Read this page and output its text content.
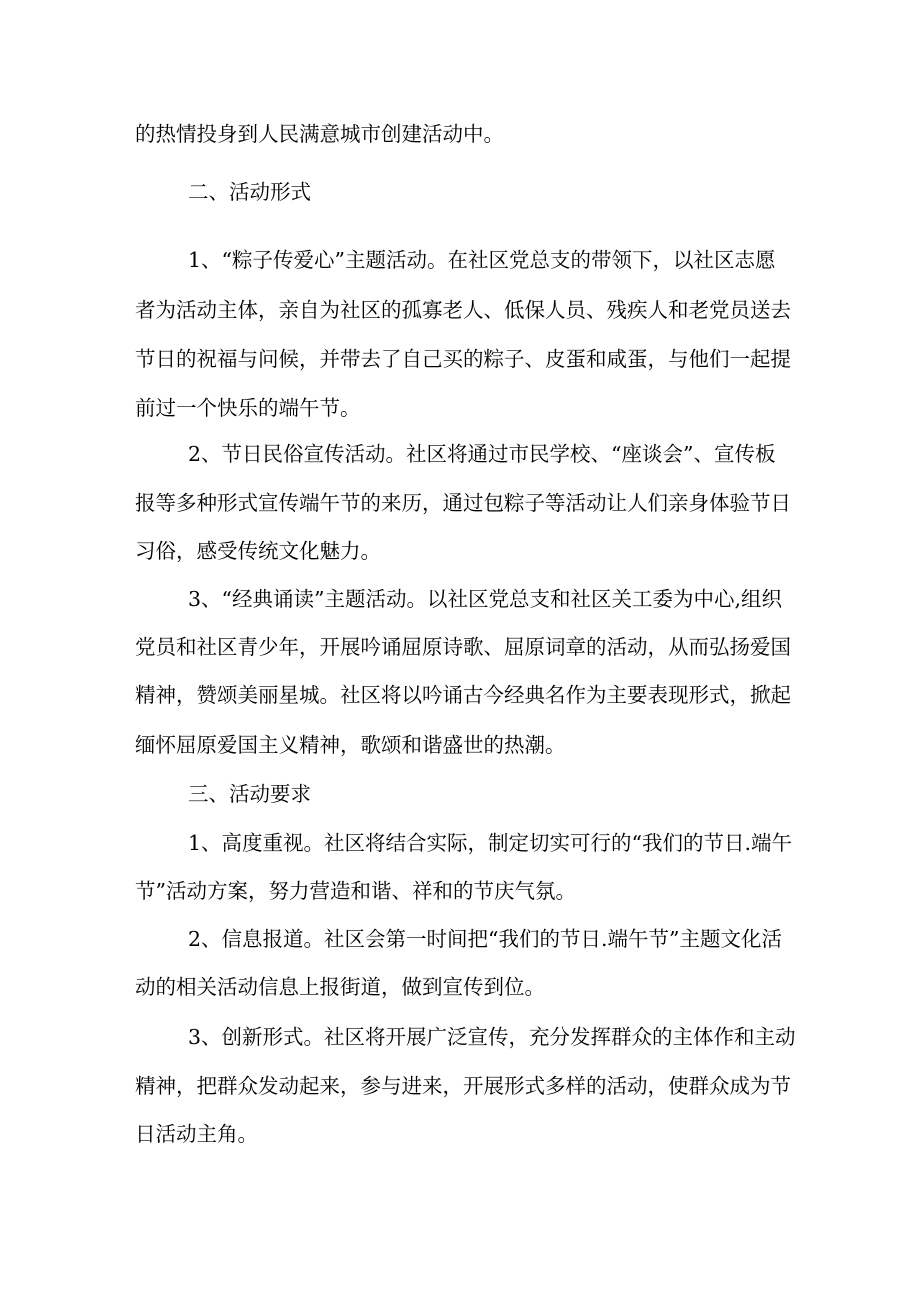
的热情投身到人民满意城市创建活动中。
二、活动形式
1、“粽子传爱心”主题活动。在社区党总支的带领下，以社区志愿
者为活动主体，亲自为社区的孤寡老人、低保人员、残疾人和老党员送去
节日的祝福与问候，并带去了自己买的粽子、皮蛋和咸蛋，与他们一起提
前过一个快乐的端午节。
2、节日民俗宣传活动。社区将通过市民学校、“座谈会”、宣传板
报等多种形式宣传端午节的来历，通过包粽子等活动让人们亲身体验节日
习俗，感受传统文化魅力。
3、“经典诵读”主题活动。以社区党总支和社区关工委为中心,组织
党员和社区青少年，开展吟诵屈原诗歌、屈原词章的活动，从而弘扬爱国
精神，赞颂美丽星城。社区将以吟诵古今经典名作为主要表现形式，掀起
缅怀屈原爱国主义精神，歌颂和谐盛世的热潮。
三、活动要求
1、高度重视。社区将结合实际，制定切实可行的“我们的节日.端午
节”活动方案，努力营造和谐、祥和的节庆气氛。
2、信息报道。社区会第一时间把“我们的节日.端午节”主题文化活
动的相关活动信息上报街道，做到宣传到位。
3、创新形式。社区将开展广泛宣传，充分发挥群众的主体作和主动
精神，把群众发动起来，参与进来，开展形式多样的活动，使群众成为节
日活动主角。
